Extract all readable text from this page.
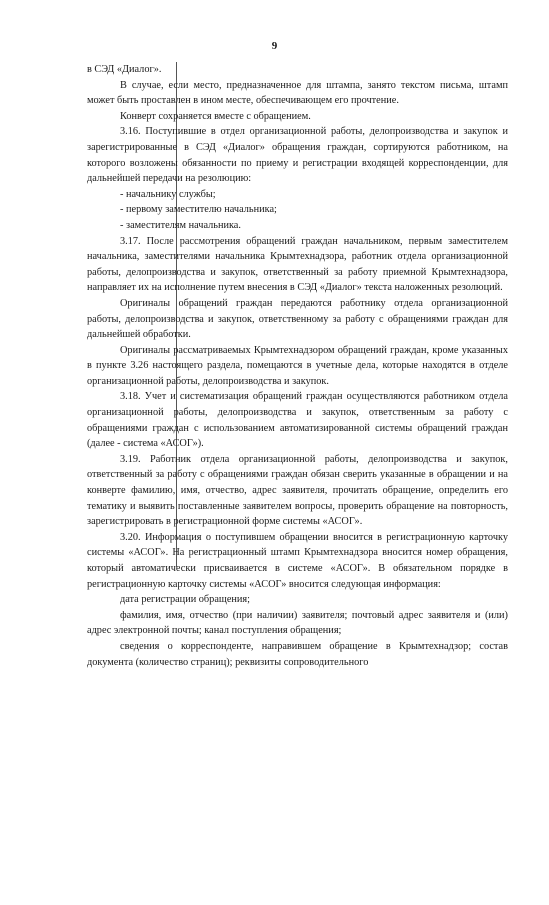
9

в СЭД «Диалог».

В случае, если место, предназначенное для штампа, занято текстом письма, штамп может быть проставлен в ином месте, обеспечивающем его прочтение.

Конверт сохраняется вместе с обращением.

3.16. Поступившие в отдел организационной работы, делопроизводства и закупок и зарегистрированные в СЭД «Диалог» обращения граждан, сортируются работником, на которого возложены обязанности по приему и регистрации входящей корреспонденции, для дальнейшей передачи на резолюцию:

- начальнику службы;

- первому заместителю начальника;

- заместителям начальника.

3.17. После рассмотрения обращений граждан начальником, первым заместителем начальника, заместителями начальника Крымтехнадзора, работник отдела организационной работы, делопроизводства и закупок, ответственный за работу приемной Крымтехнадзора, направляет их на исполнение путем внесения в СЭД «Диалог» текста наложенных резолюций.

Оригиналы обращений граждан передаются работнику отдела организационной работы, делопроизводства и закупок, ответственному за работу с обращениями граждан для дальнейшей обработки.

Оригиналы рассматриваемых Крымтехнадзором обращений граждан, кроме указанных в пункте 3.26 настоящего раздела, помещаются в учетные дела, которые находятся в отделе организационной работы, делопроизводства и закупок.

3.18. Учет и систематизация обращений граждан осуществляются работником отдела организационной работы, делопроизводства и закупок, ответственным за работу с обращениями граждан с использованием автоматизированной системы обращений граждан (далее - система «АСОГ»).

3.19. Работник отдела организационной работы, делопроизводства и закупок, ответственный за работу с обращениями граждан обязан сверить указанные в обращении и на конверте фамилию, имя, отчество, адрес заявителя, прочитать обращение, определить его тематику и выявить поставленные заявителем вопросы, проверить обращение на повторность, зарегистрировать в регистрационной форме системы «АСОГ».

3.20. Информация о поступившем обращении вносится в регистрационную карточку системы «АСОГ». На регистрационный штамп Крымтехнадзора вносится номер обращения, который автоматически присваивается в системе «АСОГ». В обязательном порядке в регистрационную карточку системы «АСОГ» вносится следующая информация:

дата регистрации обращения;

фамилия, имя, отчество (при наличии) заявителя; почтовый адрес заявителя и (или) адрес электронной почты; канал поступления обращения;

сведения о корреспонденте, направившем обращение в Крымтехнадзор; состав документа (количество страниц); реквизиты сопроводительного
